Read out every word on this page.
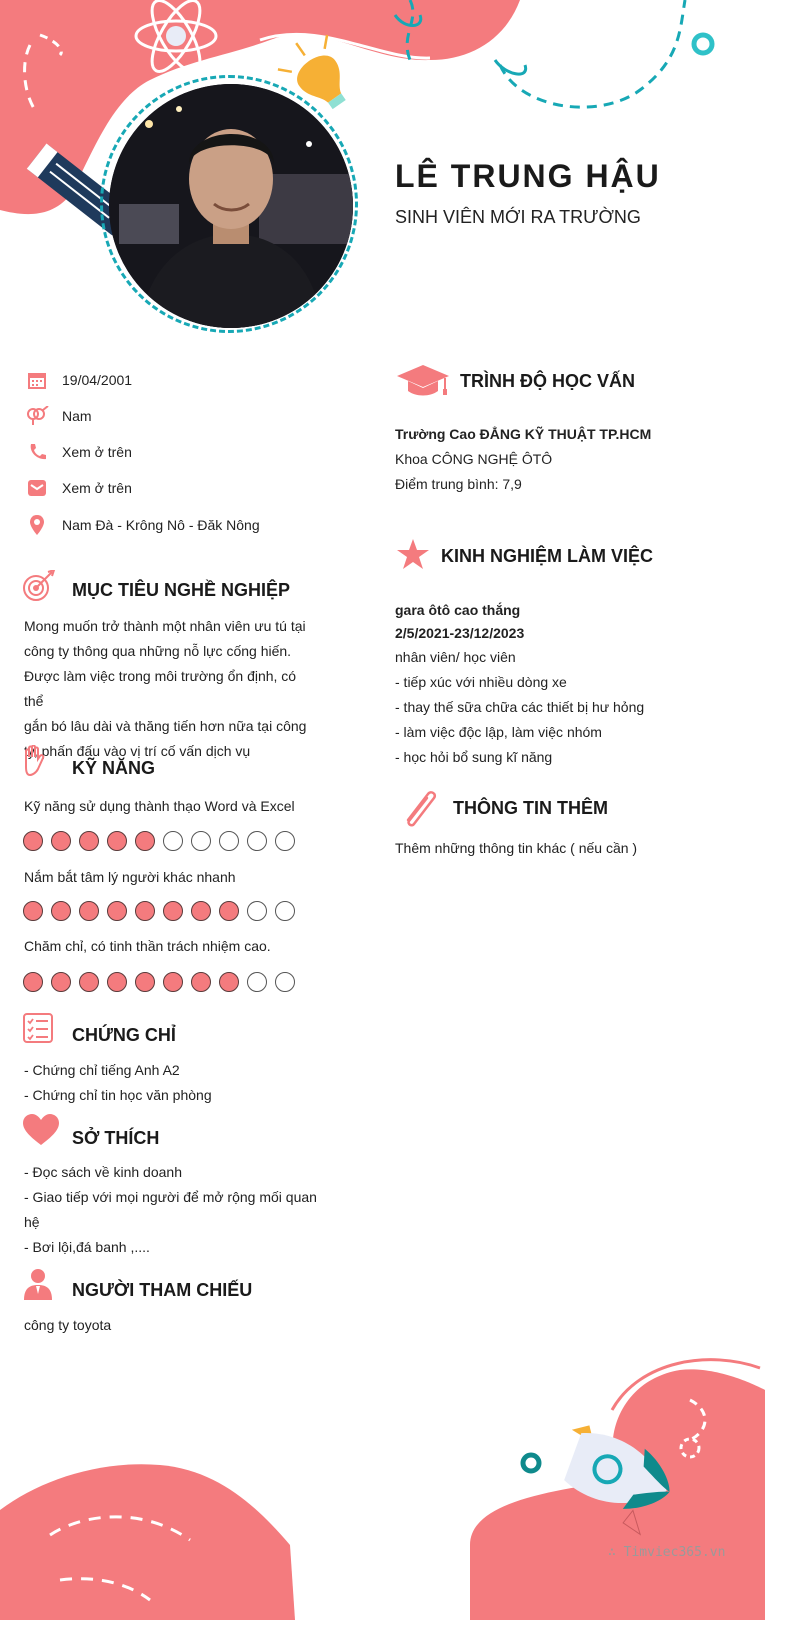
LÊ TRUNG HẬU

SINH VIÊN MỚI RA TRƯỜNG

19/04/2001
Nam
Xem ở trên
Xem ở trên
Nam Đà - Krông Nô - Đăk Nông
MỤC TIÊU NGHỀ NGHIỆP
Mong muốn trở thành một nhân viên ưu tú tại
công ty thông qua những nỗ lực cống hiến.
Được làm việc trong môi trường ổn định, có thể
gắn bó lâu dài và thăng tiến hơn nữa tại công
ty, phấn đấu vào vị trí cố vấn dịch vụ
KỸ NĂNG
Kỹ năng sử dụng thành thạo Word và Excel
Nắm bắt tâm lý người khác nhanh
Chăm chỉ, có tinh thần trách nhiệm cao.
CHỨNG CHỈ

- Chứng chỉ tiếng Anh A2

- Chứng chỉ tin học văn phòng

SỞ THÍCH

- Đọc sách về kinh doanh

- Giao tiếp với mọi người để mở rộng mối quan

hệ

- Bơi lội,đá banh ,....

NGƯỜI THAM CHIẾU

công ty toyota

TRÌNH ĐỘ HỌC VẤN

Trường Cao ĐẲNG KỸ THUẬT TP.HCM

Khoa CÔNG NGHỆ ÔTÔ

Điểm trung bình: 7,9

KINH NGHIỆM LÀM VIỆC

gara ôtô cao thắng

2/5/2021-23/12/2023

nhân viên/ học viên

- tiếp xúc với nhiều dòng xe

- thay thế sữa chữa các thiết bị hư hỏng

- làm việc độc lập, làm việc nhóm

- học hỏi bổ sung kĩ năng

THÔNG TIN THÊM

Thêm những thông tin khác ( nếu cần )

∴ Timviec365.vn
